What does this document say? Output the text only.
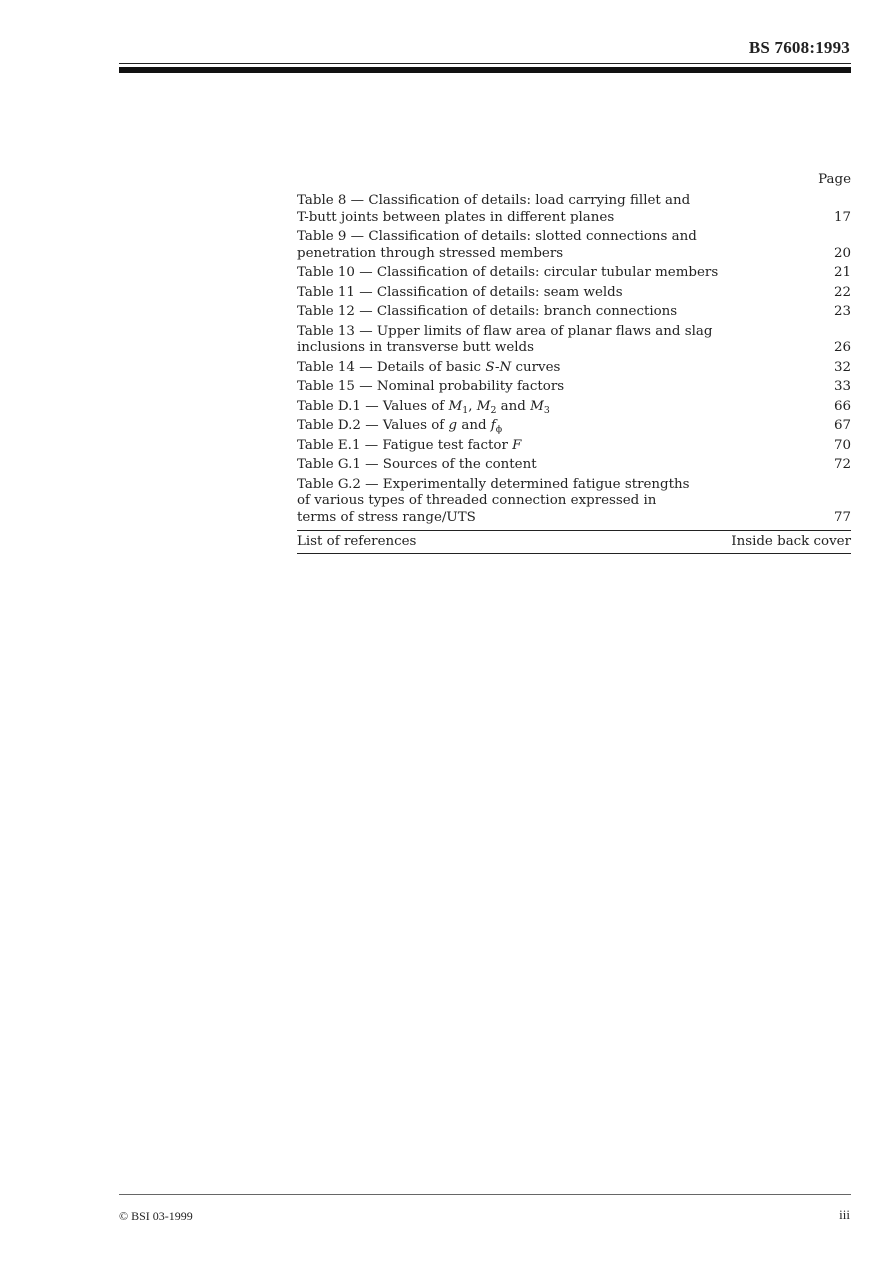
BS 7608:1993
Page
Table 8 — Classification of details: load carrying fillet and
T-butt joints between plates in different planes	17
Table 9 — Classification of details: slotted connections and
penetration through stressed members	20
Table 10 — Classification of details: circular tubular members	21
Table 11 — Classification of details: seam welds	22
Table 12 — Classification of details: branch connections	23
Table 13 — Upper limits of flaw area of planar flaws and slag
inclusions in transverse butt welds	26
Table 14 — Details of basic S-N curves	32
Table 15 — Nominal probability factors	33
Table D.1 — Values of $M_1$, $M_2$ and $M_3$	66
Table D.2 — Values of g and $f_\phi$	67
Table E.1 — Fatigue test factor F	70
Table G.1 — Sources of the content	72
Table G.2 — Experimentally determined fatigue strengths
of various types of threaded connection expressed in
terms of stress range/UTS	77
List of references	Inside back cover
© BSI 03-1999	iii
